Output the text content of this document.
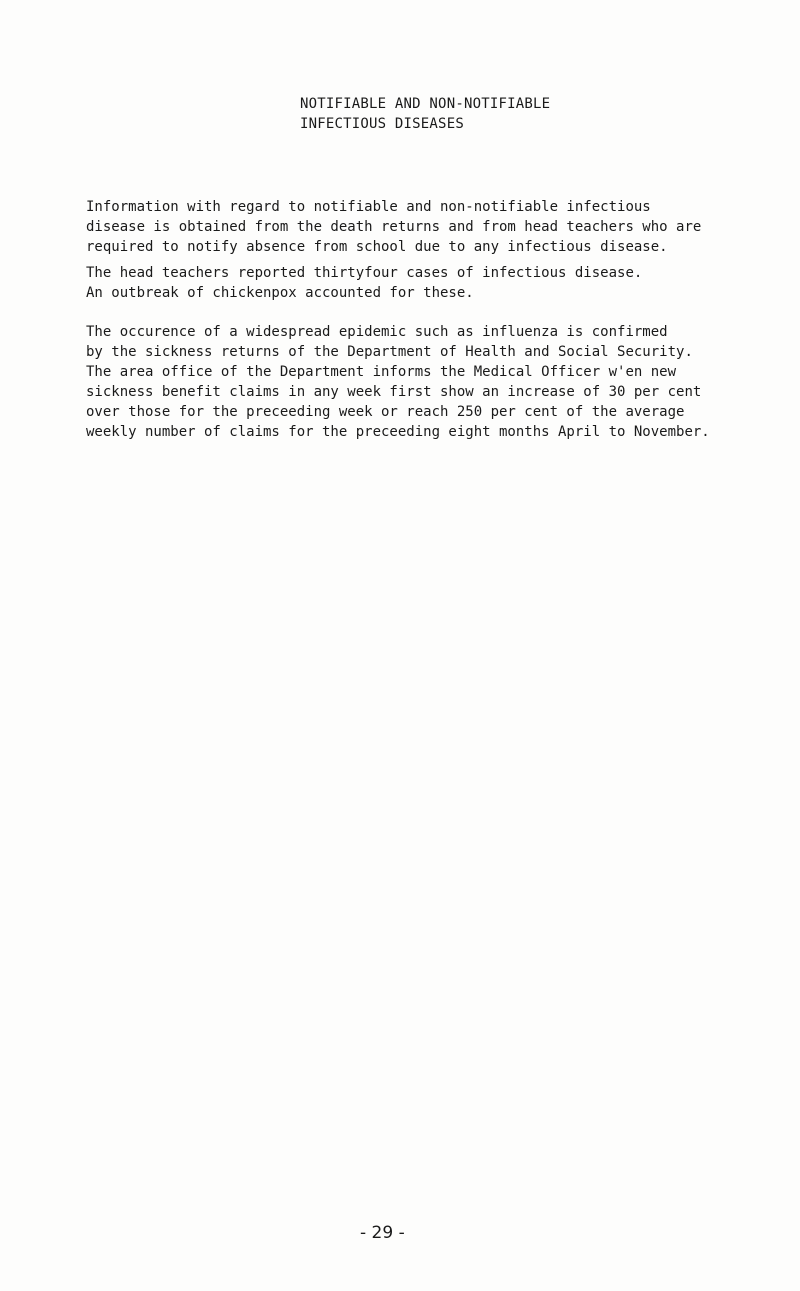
NOTIFIABLE AND NON-NOTIFIABLE
INFECTIOUS DISEASES
Information with regard to notifiable and non-notifiable infectious
disease is obtained from the death returns and from head teachers who are
required to notify absence from school due to any infectious disease.
The head teachers reported thirtyfour cases of infectious disease.
An outbreak of chickenpox accounted for these.
The occurence of a widespread epidemic such as influenza is confirmed
by the sickness returns of the Department of Health and Social Security.
The area office of the Department informs the Medical Officer w'en new
sickness benefit claims in any week first show an increase of 30 per cent
over those for the preceeding week or reach 250 per cent of the average
weekly number of claims for the preceeding eight months April to November.
- 29 -
